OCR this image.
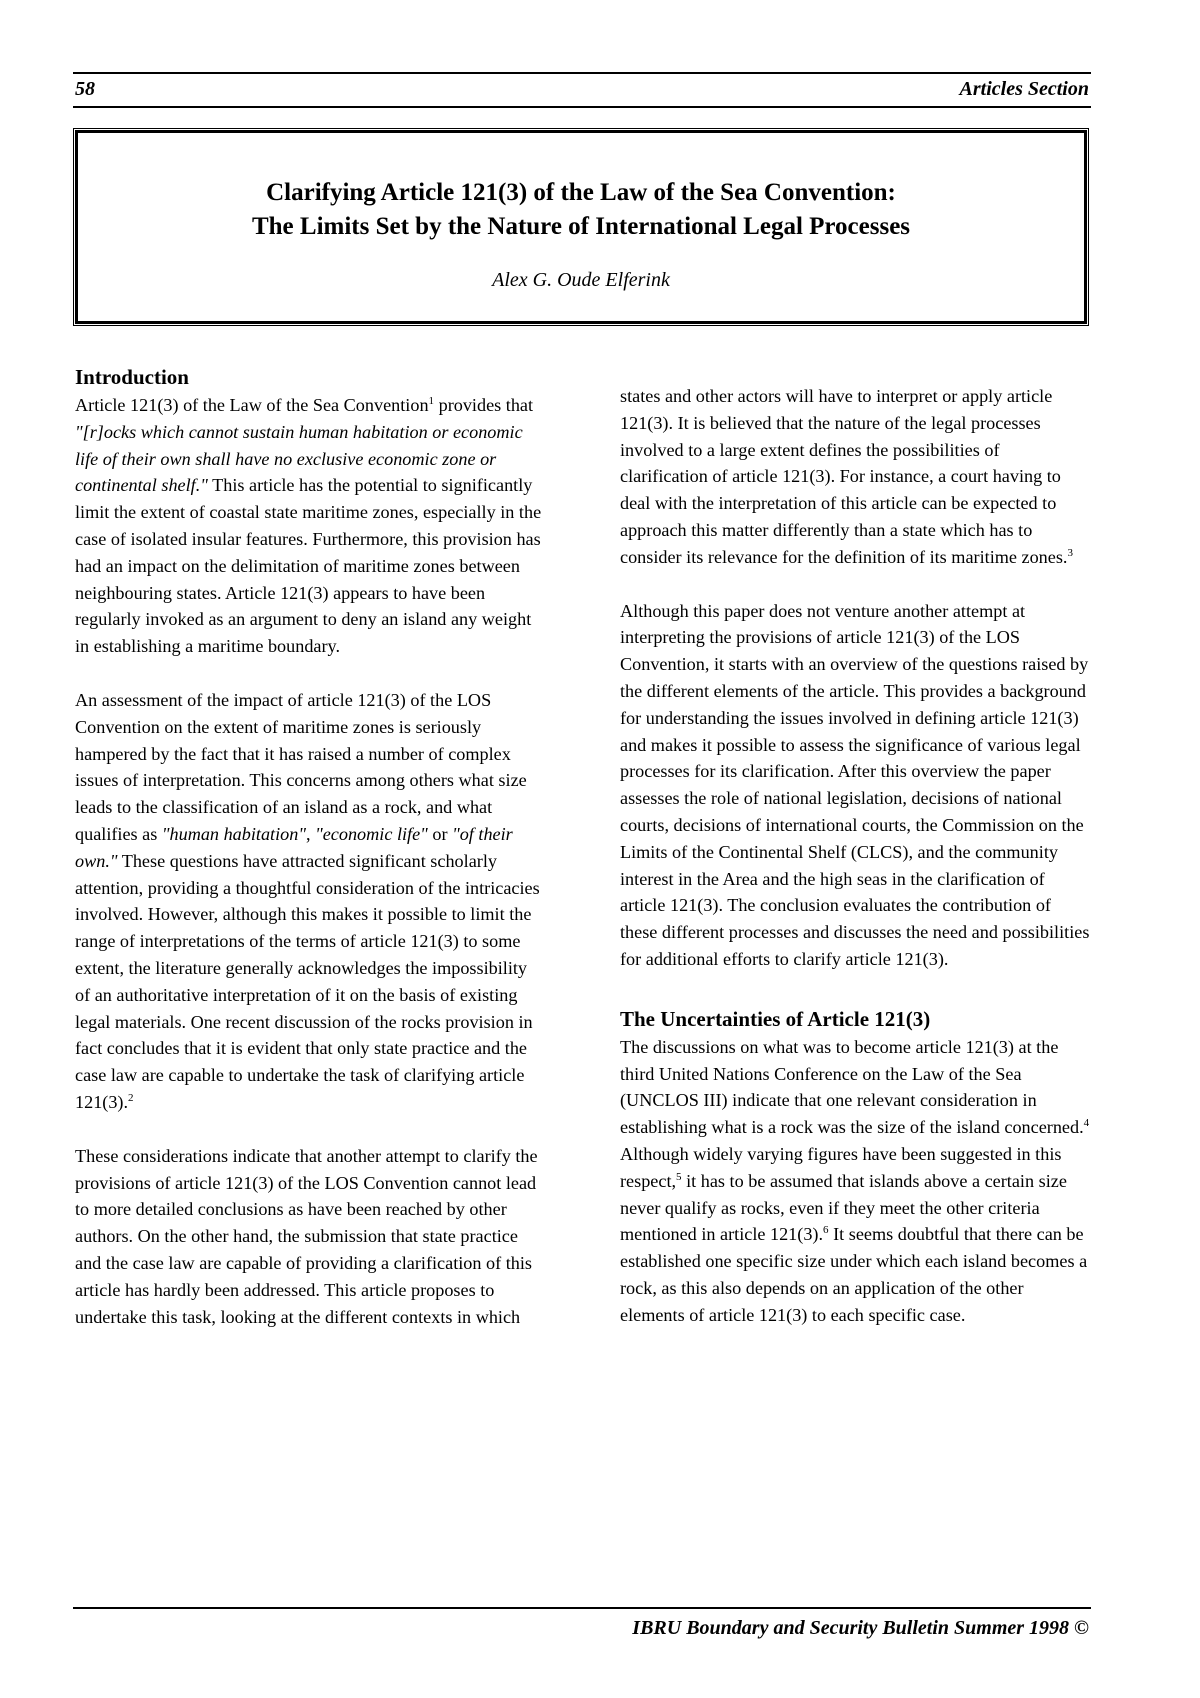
58	Articles Section
Clarifying Article 121(3) of the Law of the Sea Convention:
The Limits Set by the Nature of International Legal Processes
Alex G. Oude Elferink
Introduction

Article 121(3) of the Law of the Sea Convention$^1$ provides that "[r]ocks which cannot sustain human habitation or economic life of their own shall have no exclusive economic zone or continental shelf." This article has the potential to significantly limit the extent of coastal state maritime zones, especially in the case of isolated insular features. Furthermore, this provision has had an impact on the delimitation of maritime zones between neighbouring states. Article 121(3) appears to have been regularly invoked as an argument to deny an island any weight in establishing a maritime boundary.

An assessment of the impact of article 121(3) of the LOS Convention on the extent of maritime zones is seriously hampered by the fact that it has raised a number of complex issues of interpretation. This concerns among others what size leads to the classification of an island as a rock, and what qualifies as "human habitation", "economic life" or "of their own." These questions have attracted significant scholarly attention, providing a thoughtful consideration of the intricacies involved. However, although this makes it possible to limit the range of interpretations of the terms of article 121(3) to some extent, the literature generally acknowledges the impossibility of an authoritative interpretation of it on the basis of existing legal materials. One recent discussion of the rocks provision in fact concludes that it is evident that only state practice and the case law are capable to undertake the task of clarifying article 121(3).$^2$

These considerations indicate that another attempt to clarify the provisions of article 121(3) of the LOS Convention cannot lead to more detailed conclusions as have been reached by other authors. On the other hand, the submission that state practice and the case law are capable of providing a clarification of this article has hardly been addressed. This article proposes to undertake this task, looking at the different contexts in which

states and other actors will have to interpret or apply article 121(3). It is believed that the nature of the legal processes involved to a large extent defines the possibilities of clarification of article 121(3). For instance, a court having to deal with the interpretation of this article can be expected to approach this matter differently than a state which has to consider its relevance for the definition of its maritime zones.$^3$

Although this paper does not venture another attempt at interpreting the provisions of article 121(3) of the LOS Convention, it starts with an overview of the questions raised by the different elements of the article. This provides a background for understanding the issues involved in defining article 121(3) and makes it possible to assess the significance of various legal processes for its clarification. After this overview the paper assesses the role of national legislation, decisions of national courts, decisions of international courts, the Commission on the Limits of the Continental Shelf (CLCS), and the community interest in the Area and the high seas in the clarification of article 121(3). The conclusion evaluates the contribution of these different processes and discusses the need and possibilities for additional efforts to clarify article 121(3).

The Uncertainties of Article 121(3)

The discussions on what was to become article 121(3) at the third United Nations Conference on the Law of the Sea (UNCLOS III) indicate that one relevant consideration in establishing what is a rock was the size of the island concerned.$^4$ Although widely varying figures have been suggested in this respect,$^5$ it has to be assumed that islands above a certain size never qualify as rocks, even if they meet the other criteria mentioned in article 121(3).$^6$ It seems doubtful that there can be established one specific size under which each island becomes a rock, as this also depends on an application of the other elements of article 121(3) to each specific case.

IBRU Boundary and Security Bulletin Summer 1998 ©
